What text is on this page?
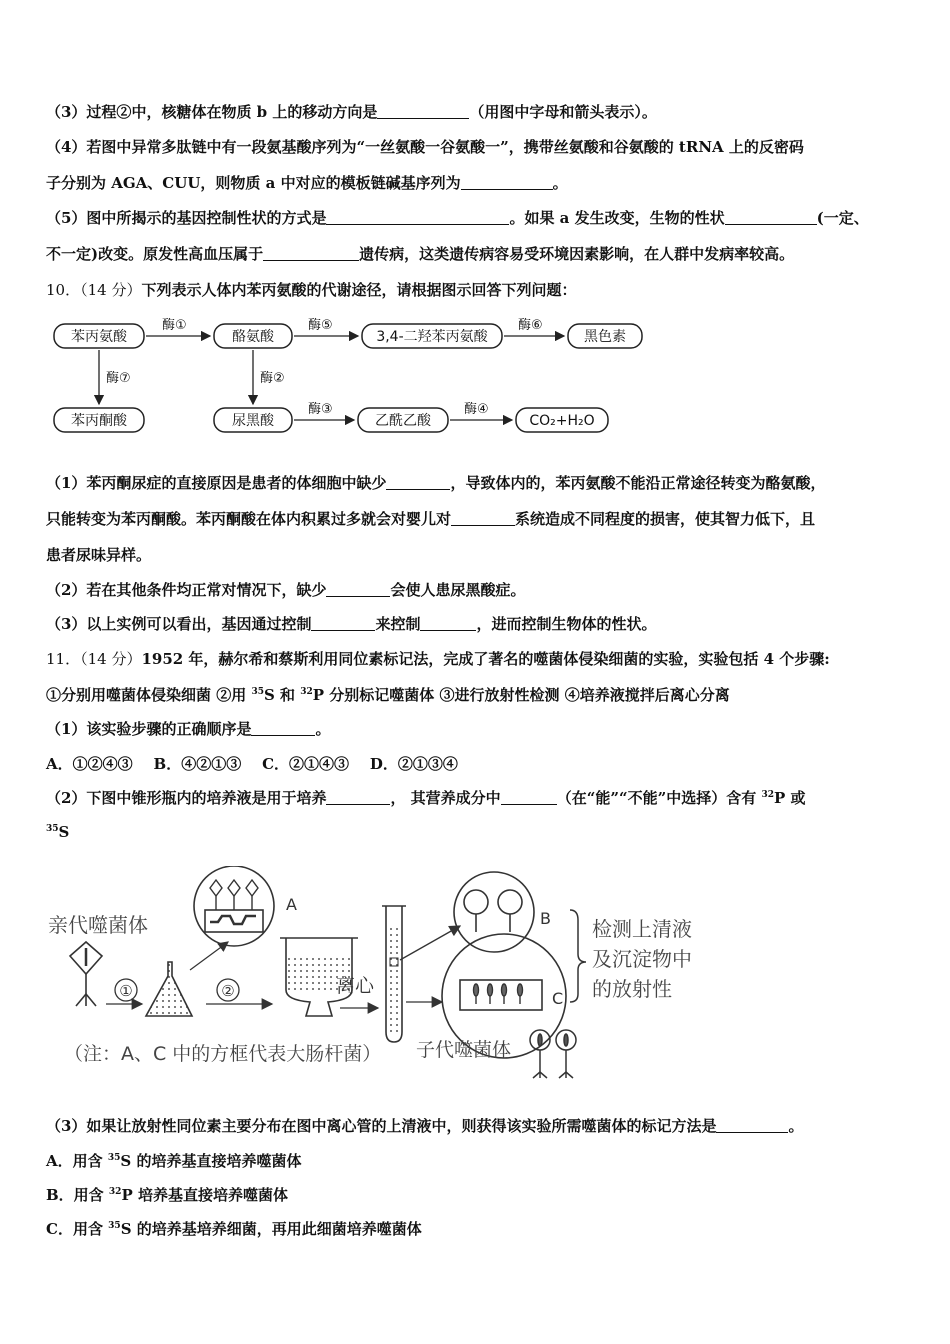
（3）过程②中，核糖体在物质 b 上的移动方向是	（用图中字母和箭头表示）。
（4）若图中异常多肽链中有一段氨基酸序列为“一丝氨酸一谷氨酸一”，携带丝氨酸和谷氨酸的 tRNA 上的反密码
子分别为 AGA、CUU，则物质 a 中对应的模板链碱基序列为	。
（5）图中所揭示的基因控制性状的方式是	。如果 a 发生改变，生物的性状	(一定、
不一定)改变。原发性高血压属于	遗传病，这类遗传病容易受环境因素影响，在人群中发病率较高。
10．（14 分）下列表示人体内苯丙氨酸的代谢途径，请根据图示回答下列问题：
苯丙氨酸	酪氨酸	3,4-二羟苯丙氨酸	黑色素
苯丙酮酸	尿黑酸	乙酰乙酸	CO₂+H₂O
酶①	酶⑤	酶⑥
酶⑦	酶②
酶③	酶④
（1）苯丙酮尿症的直接原因是患者的体细胞中缺少	，导致体内的，苯丙氨酸不能沿正常途径转变为酪氨酸，
只能转变为苯丙酮酸。苯丙酮酸在体内积累过多就会对婴儿对	系统造成不同程度的损害，使其智力低下，且
患者尿味异样。
（2）若在其他条件均正常对情况下，缺少	会使人患尿黑酸症。
（3）以上实例可以看出，基因通过控制	来控制	，进而控制生物体的性状。
11．（14 分）1952 年，赫尔希和蔡斯利用同位素标记法，完成了著名的噬菌体侵染细菌的实验，实验包括 4 个步骤:
①分别用噬菌体侵染细菌 ②用 $^{35}$S 和 $^{32}$P 分别标记噬菌体 ③进行放射性检测 ④培养液搅拌后离心分离
（1）该实验步骤的正确顺序是	。
A．①②④③    B．④②①③    C．②①④③    D．②①③④
（2）下图中锥形瓶内的培养液是用于培养	， 其营养成分中	（在“能”“不能”中选择）含有 $^{32}$P 或
$^{35}$S
亲代噬菌体
①	②
A
离心
B
C
检测上清液
及沉淀物中
的放射性
（注：A、C 中的方框代表大肠杆菌） 子代噬菌体
（3）如果让放射性同位素主要分布在图中离心管的上清液中，则获得该实验所需噬菌体的标记方法是	。
A．用含 $^{35}$S 的培养基直接培养噬菌体
B．用含 $^{32}$P 培养基直接培养噬菌体
C．用含 $^{35}$S 的培养基培养细菌，再用此细菌培养噬菌体
